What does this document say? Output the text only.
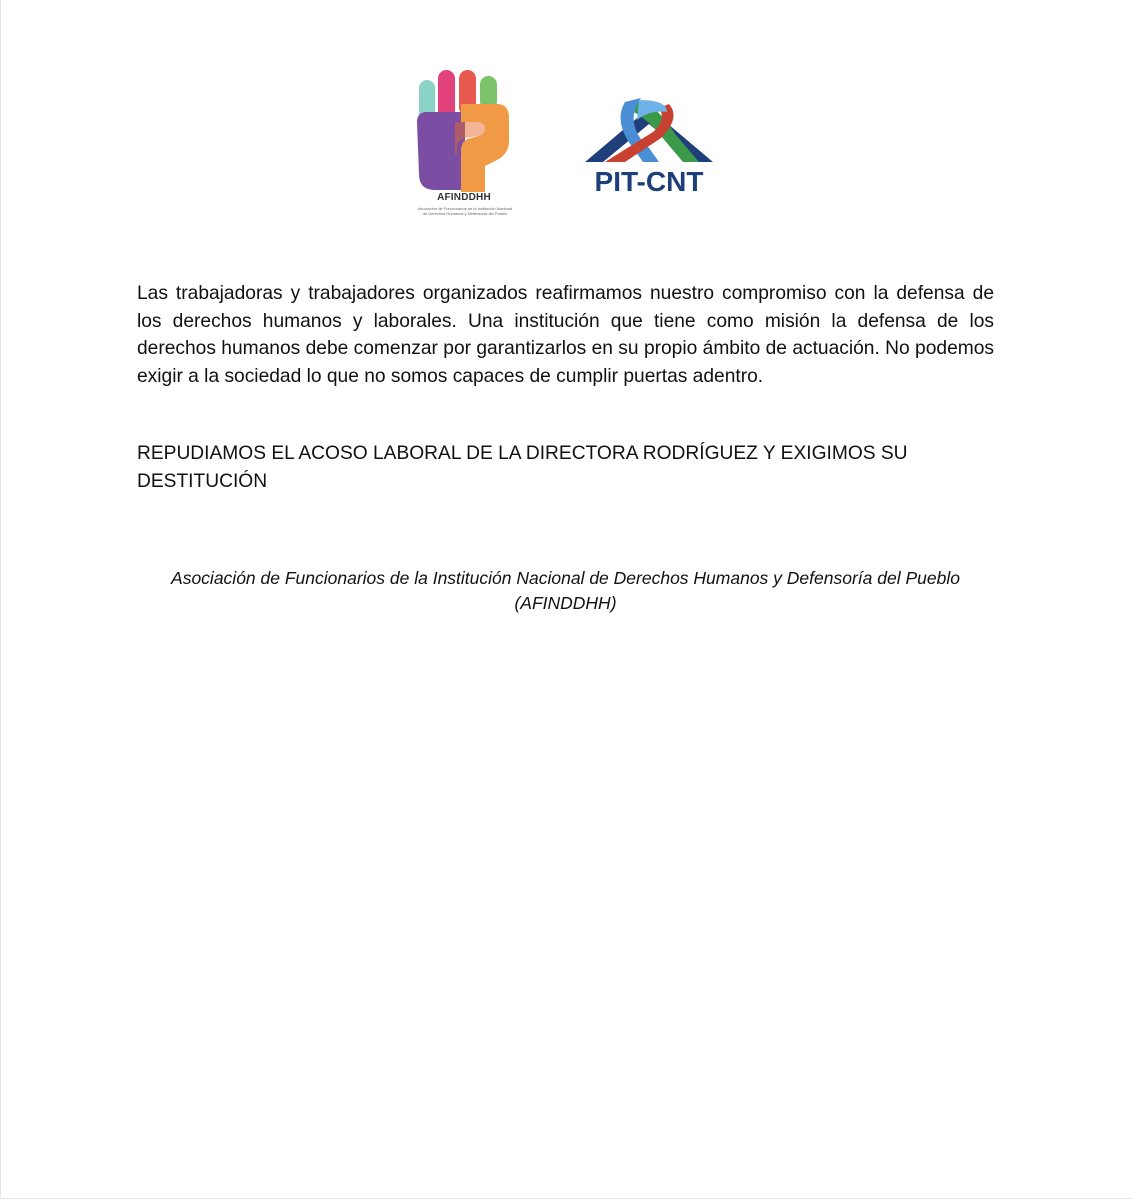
AFINDDHH
Asociación de Funcionarios de la Institución Nacional de Derechos Humanos y Defensoría del Pueblo
PIT-CNT
Las trabajadoras y trabajadores organizados reafirmamos nuestro compromiso con la defensa de los derechos humanos y laborales. Una institución que tiene como misión la defensa de los derechos humanos debe comenzar por garantizarlos en su propio ámbito de actuación. No podemos exigir a la sociedad lo que no somos capaces de cumplir puertas adentro.
REPUDIAMOS EL ACOSO LABORAL DE LA DIRECTORA RODRÍGUEZ Y EXIGIMOS SU DESTITUCIÓN
Asociación de Funcionarios de la Institución Nacional de Derechos Humanos y Defensoría del Pueblo
(AFINDDHH)
